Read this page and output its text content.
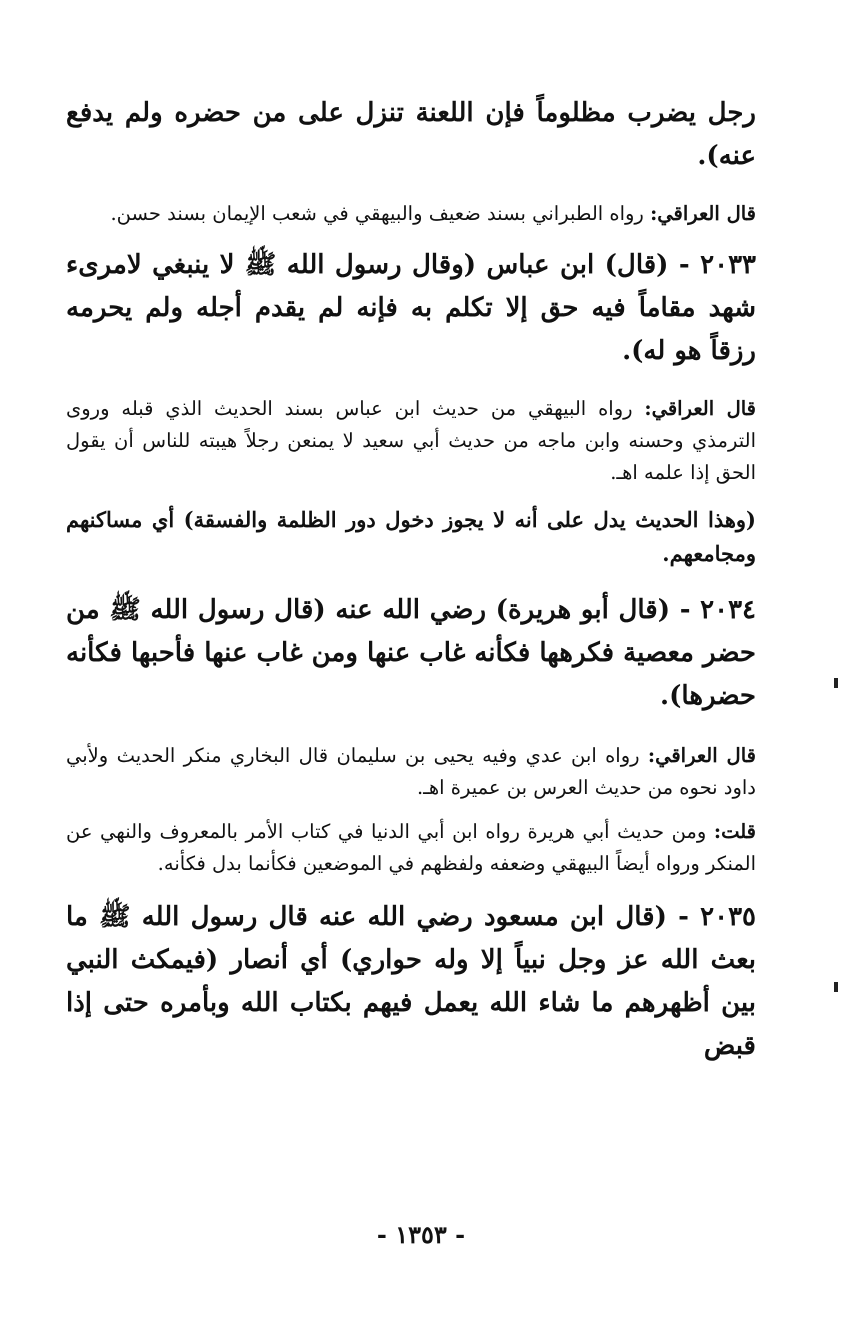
رجل يضرب مظلوماً فإن اللعنة تنزل على من حضره ولم يدفع عنه).

قال العراقي: رواه الطبراني بسند ضعيف والبيهقي في شعب الإيمان بسند حسن.

٢٠٣٣ - (قال) ابن عباس (وقال رسول الله ﷺ لا ينبغي لامرىء شهد مقاماً فيه حق إلا تكلم به فإنه لم يقدم أجله ولم يحرمه رزقاً هو له).

قال العراقي: رواه البيهقي من حديث ابن عباس بسند الحديث الذي قبله وروى الترمذي وحسنه وابن ماجه من حديث أبي سعيد لا يمنعن رجلاً هيبته للناس أن يقول الحق إذا علمه اهـ.

(وهذا الحديث يدل على أنه لا يجوز دخول دور الظلمة والفسقة) أي مساكنهم ومجامعهم.

٢٠٣٤ - (قال أبو هريرة) رضي الله عنه (قال رسول الله ﷺ من حضر معصية فكرهها فكأنه غاب عنها ومن غاب عنها فأحبها فكأنه حضرها).

قال العراقي: رواه ابن عدي وفيه يحيى بن سليمان قال البخاري منكر الحديث ولأبي داود نحوه من حديث العرس بن عميرة اهـ.

قلت: ومن حديث أبي هريرة رواه ابن أبي الدنيا في كتاب الأمر بالمعروف والنهي عن المنكر ورواه أيضاً البيهقي وضعفه ولفظهم في الموضعين فكأنما بدل فكأنه.

٢٠٣٥ - (قال ابن مسعود رضي الله عنه قال رسول الله ﷺ ما بعث الله عز وجل نبياً إلا وله حواري) أي أنصار (فيمكث النبي بين أظهرهم ما شاء الله يعمل فيهم بكتاب الله وبأمره حتى إذا قبض

- ١٣٥٣ -
